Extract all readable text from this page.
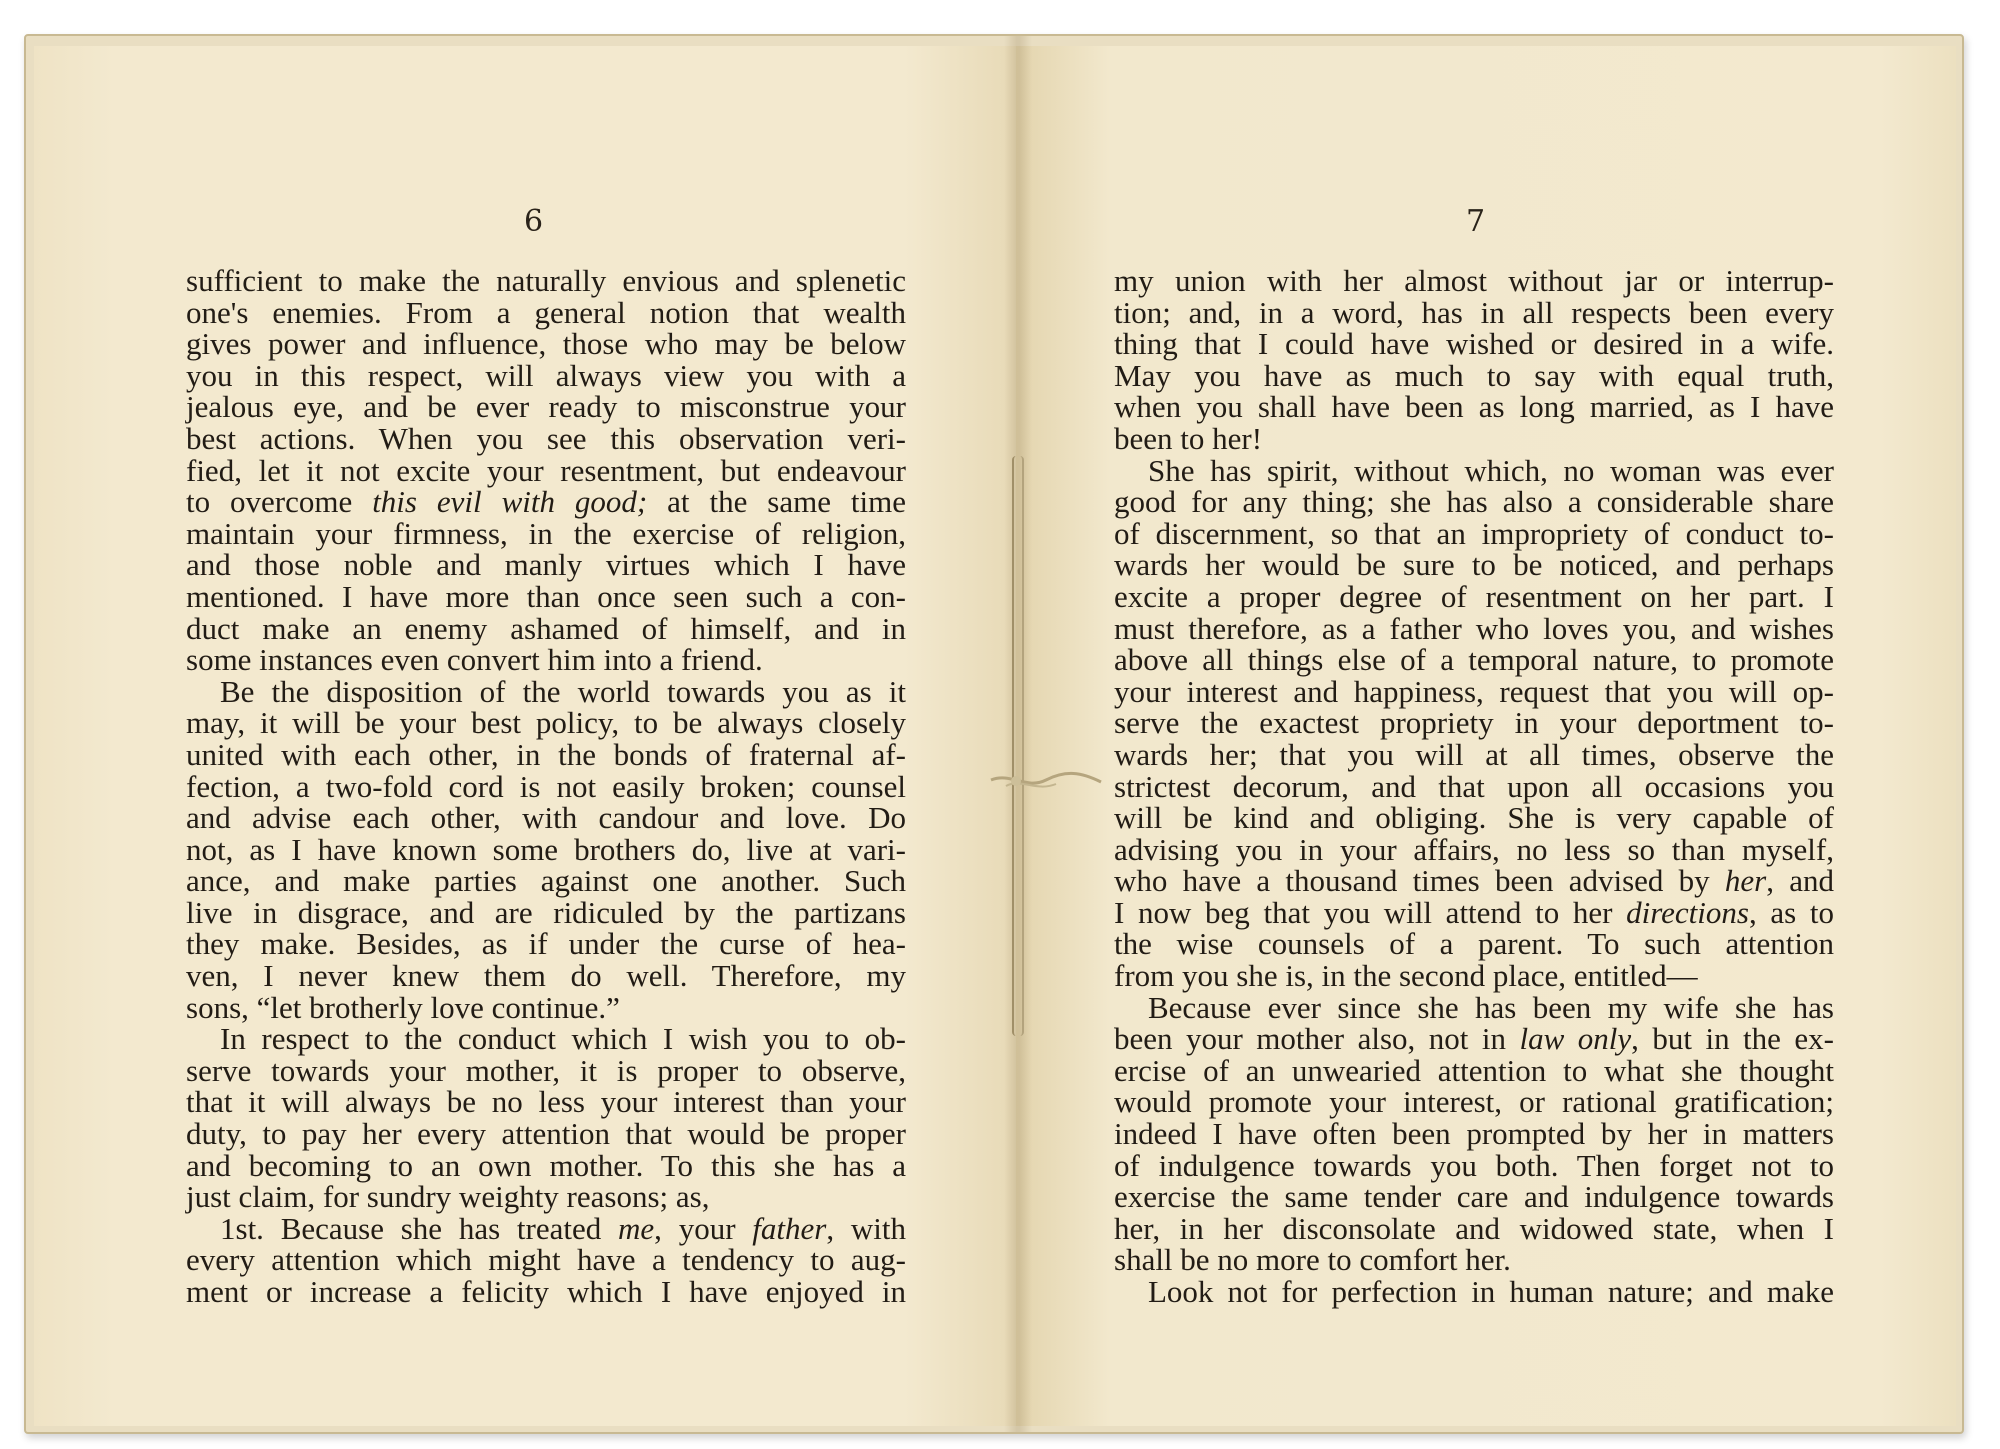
6
sufficient to make the naturally envious and splenetic
one's enemies. From a general notion that wealth
gives power and influence, those who may be below
you in this respect, will always view you with a
jealous eye, and be ever ready to misconstrue your
best actions. When you see this observation veri-
fied, let it not excite your resentment, but endeavour
to overcome this evil with good; at the same time
maintain your firmness, in the exercise of religion,
and those noble and manly virtues which I have
mentioned. I have more than once seen such a con-
duct make an enemy ashamed of himself, and in
some instances even convert him into a friend.
Be the disposition of the world towards you as it
may, it will be your best policy, to be always closely
united with each other, in the bonds of fraternal af-
fection, a two-fold cord is not easily broken; counsel
and advise each other, with candour and love. Do
not, as I have known some brothers do, live at vari-
ance, and make parties against one another. Such
live in disgrace, and are ridiculed by the partizans
they make. Besides, as if under the curse of hea-
ven, I never knew them do well. Therefore, my
sons, “let brotherly love continue.”
In respect to the conduct which I wish you to ob-
serve towards your mother, it is proper to observe,
that it will always be no less your interest than your
duty, to pay her every attention that would be proper
and becoming to an own mother. To this she has a
just claim, for sundry weighty reasons; as,
1st. Because she has treated me, your father, with
every attention which might have a tendency to aug-
ment or increase a felicity which I have enjoyed in
7
my union with her almost without jar or interrup-
tion; and, in a word, has in all respects been every
thing that I could have wished or desired in a wife.
May you have as much to say with equal truth,
when you shall have been as long married, as I have
been to her!
She has spirit, without which, no woman was ever
good for any thing; she has also a considerable share
of discernment, so that an impropriety of conduct to-
wards her would be sure to be noticed, and perhaps
excite a proper degree of resentment on her part. I
must therefore, as a father who loves you, and wishes
above all things else of a temporal nature, to promote
your interest and happiness, request that you will op-
serve the exactest propriety in your deportment to-
wards her; that you will at all times, observe the
strictest decorum, and that upon all occasions you
will be kind and obliging. She is very capable of
advising you in your affairs, no less so than myself,
who have a thousand times been advised by her, and
I now beg that you will attend to her directions, as to
the wise counsels of a parent. To such attention
from you she is, in the second place, entitled—
Because ever since she has been my wife she has
been your mother also, not in law only, but in the ex-
ercise of an unwearied attention to what she thought
would promote your interest, or rational gratification;
indeed I have often been prompted by her in matters
of indulgence towards you both. Then forget not to
exercise the same tender care and indulgence towards
her, in her disconsolate and widowed state, when I
shall be no more to comfort her.
Look not for perfection in human nature; and make
